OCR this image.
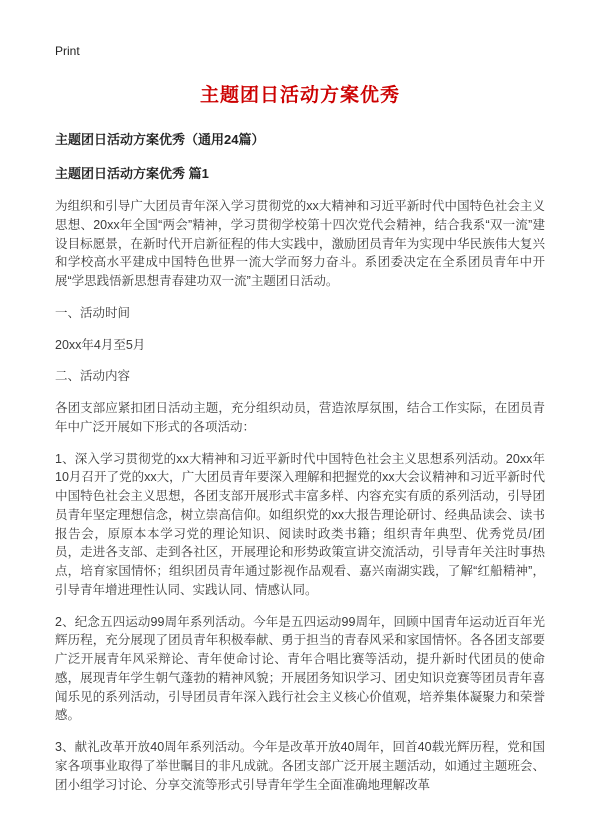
Print
主题团日活动方案优秀
主题团日活动方案优秀（通用24篇）
主题团日活动方案优秀 篇1

为组织和引导广大团员青年深入学习贯彻党的xx大精神和习近平新时代中国特色社会主义思想、20xx年全国“两会”精神，学习贯彻学校第十四次党代会精神，结合我系“双一流”建设目标愿景，在新时代开启新征程的伟大实践中，激励团员青年为实现中华民族伟大复兴和学校高水平建成中国特色世界一流大学而努力奋斗。系团委决定在全系团员青年中开展“学思践悟新思想青春建功双一流”主题团日活动。

一、活动时间

20xx年4月至5月

二、活动内容

各团支部应紧扣团日活动主题，充分组织动员，营造浓厚氛围，结合工作实际，在团员青年中广泛开展如下形式的各项活动：

1、深入学习贯彻党的xx大精神和习近平新时代中国特色社会主义思想系列活动。20xx年10月召开了党的xx大，广大团员青年要深入理解和把握党的xx大会议精神和习近平新时代中国特色社会主义思想，各团支部开展形式丰富多样、内容充实有质的系列活动，引导团员青年坚定理想信念，树立崇高信仰。如组织党的xx大报告理论研讨、经典品读会、读书报告会，原原本本学习党的理论知识、阅读时政类书籍；组织青年典型、优秀党员/团员，走进各支部、走到各社区，开展理论和形势政策宣讲交流活动，引导青年关注时事热点，培育家国情怀；组织团员青年通过影视作品观看、嘉兴南湖实践，了解“红船精神”，引导青年增进理性认同、实践认同、情感认同。

2、纪念五四运动99周年系列活动。今年是五四运动99周年，回顾中国青年运动近百年光辉历程，充分展现了团员青年积极奉献、勇于担当的青春风采和家国情怀。各各团支部要广泛开展青年风采辩论、青年使命讨论、青年合唱比赛等活动，提升新时代团员的使命感，展现青年学生朝气蓬勃的精神风貌；开展团务知识学习、团史知识竞赛等团员青年喜闻乐见的系列活动，引导团员青年深入践行社会主义核心价值观，培养集体凝聚力和荣誉感。

3、献礼改革开放40周年系列活动。今年是改革开放40周年，回首40载光辉历程，党和国家各项事业取得了举世瞩目的非凡成就。各团支部广泛开展主题活动，如通过主题班会、团小组学习讨论、分享交流等形式引导青年学生全面准确地理解改革
